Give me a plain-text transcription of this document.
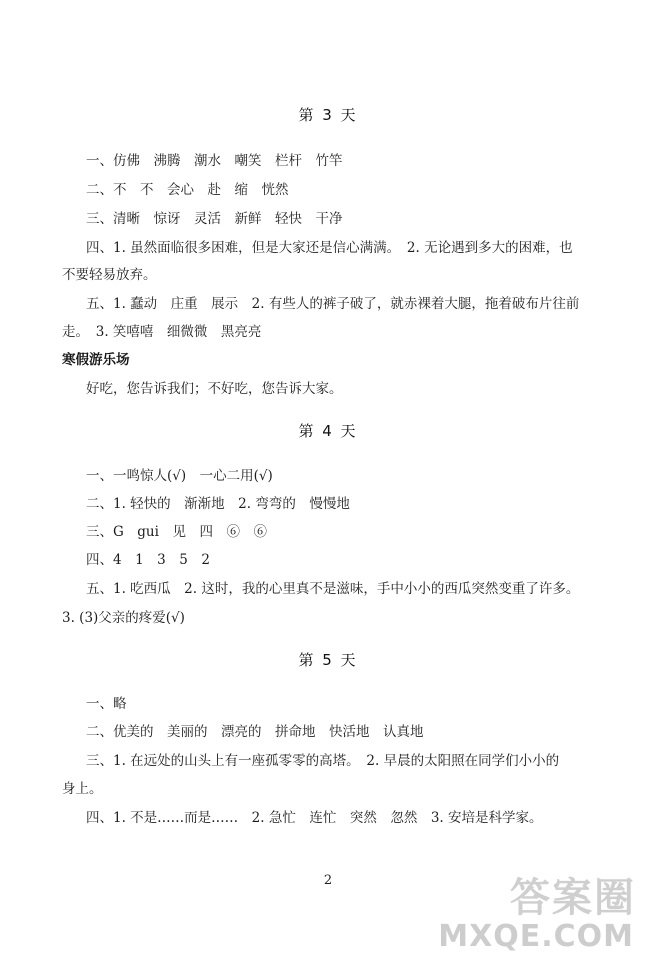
第 3 天
一、仿佛　沸腾　潮水　嘲笑　栏杆　竹竿
二、不　不　会心　赴　缩　恍然
三、清晰　惊讶　灵活　新鲜　轻快　干净
四、1. 虽然面临很多困难，但是大家还是信心满满。　2. 无论遇到多大的困难，也
不要轻易放弃。
五、1. 蠢动　庄重　展示　2. 有些人的裤子破了，就赤裸着大腿，拖着破布片往前
走。　3. 笑嘻嘻　细微微　黑亮亮
寒假游乐场
好吃，您告诉我们；不好吃，您告诉大家。
第 4 天
一、一鸣惊人(√)　一心二用(√)
二、1. 轻快的　渐渐地　2. 弯弯的　慢慢地
三、G　gui　见　四　⑥　⑥
四、4　1　3　5　2
五、1. 吃西瓜　2. 这时，我的心里真不是滋味，手中小小的西瓜突然变重了许多。
3. (3)父亲的疼爱(√)
第 5 天
一、略
二、优美的　美丽的　漂亮的　拼命地　快活地　认真地
三、1. 在远处的山头上有一座孤零零的高塔。　2. 早晨的太阳照在同学们小小的
身上。
四、1. 不是……而是……　2. 急忙　连忙　突然　忽然　3. 安培是科学家。
2	答案圈
MXQE.COM
